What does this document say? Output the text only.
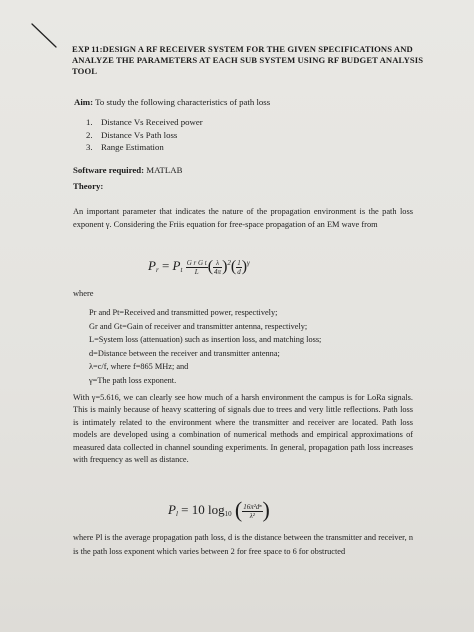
EXP 11:DESIGN A RF RECEIVER SYSTEM FOR THE GIVEN SPECIFICATIONS AND ANALYZE THE PARAMETERS AT EACH SUB SYSTEM USING RF BUDGET ANALYSIS TOOL
Aim: To study the following characteristics of path loss
1. Distance Vs Received power
2. Distance Vs Path loss
3. Range Estimation
Software required: MATLAB
Theory:
An important parameter that indicates the nature of the propagation environment is the path loss exponent γ. Considering the Friis equation for free-space propagation of an EM wave from
$P_r = P_t \frac{\text{G r G t}}{L}$ ( $\frac{\lambda}{4\pi} )^2( \frac{1}{d} )^\gamma$
where
Pr and Pt=Received and transmitted power, respectively;
Gr and Gt=Gain of receiver and transmitter antenna, respectively;
L=System loss (attenuation) such as insertion loss, and matching loss;
d=Distance between the receiver and transmitter antenna;
λ=c/f, where f=865 MHz; and
γ=The path loss exponent.
With γ=5.616, we can clearly see how much of a harsh environment the campus is for LoRa signals. This is mainly because of heavy scattering of signals due to trees and very little reflections. Path loss is intimately related to the environment where the transmitter and receiver are located. Path loss models are developed using a combination of numerical methods and empirical approximations of measured data collected in channel sounding experiments. In general, propagation path loss increases with frequency as well as distance.
$P_l = 10$ $\log_{10}$ ( $\frac{\text{16π²dⁿ}}{\text{λ²}}$ )
where Pl is the average propagation path loss, d is the distance between the transmitter and receiver, n is the path loss exponent which varies between 2 for free space to 6 for obstructed
